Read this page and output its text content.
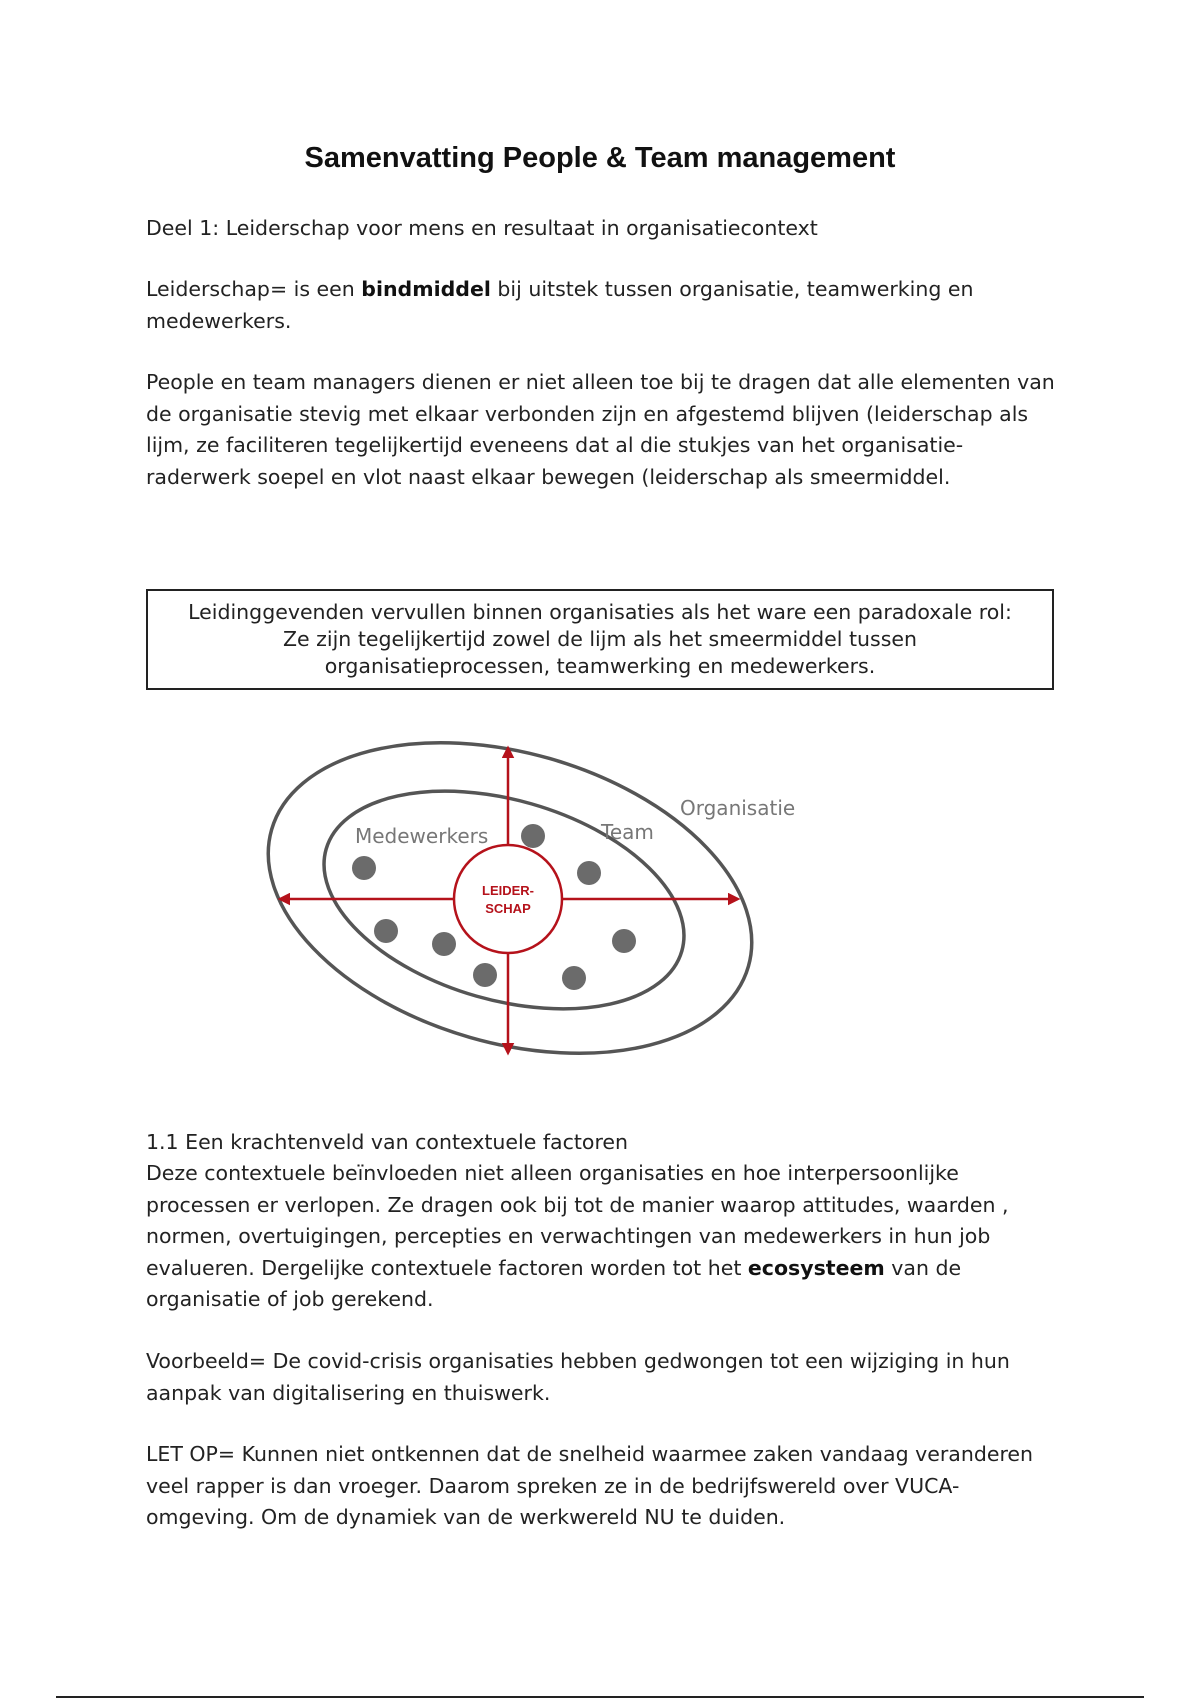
Samenvatting People & Team management
Deel 1: Leiderschap voor mens en resultaat in organisatiecontext
Leiderschap= is een bindmiddel bij uitstek tussen organisatie, teamwerking en medewerkers.
People en team managers dienen er niet alleen toe bij te dragen dat alle elementen van de organisatie stevig met elkaar verbonden zijn en afgestemd blijven (leiderschap als lijm, ze faciliteren tegelijkertijd eveneens dat al die stukjes van het organisatie-raderwerk soepel en vlot naast elkaar bewegen (leiderschap als smeermiddel.
Leidinggevenden vervullen binnen organisaties als het ware een paradoxale rol:
Ze zijn tegelijkertijd zowel de lijm als het smeermiddel tussen
organisatieprocessen, teamwerking en medewerkers.
LEIDER-
SCHAP
Medewerkers	Team
Organisatie
1.1 Een krachtenveld van contextuele factoren
Deze contextuele beïnvloeden niet alleen organisaties en hoe interpersoonlijke processen er verlopen. Ze dragen ook bij tot de manier waarop attitudes, waarden , normen, overtuigingen, percepties en verwachtingen van medewerkers in hun job evalueren. Dergelijke contextuele factoren worden tot het ecosysteem van de organisatie of job gerekend.
Voorbeeld= De covid-crisis organisaties hebben gedwongen tot een wijziging in hun aanpak van digitalisering en thuiswerk.
LET OP= Kunnen niet ontkennen dat de snelheid waarmee zaken vandaag veranderen veel rapper is dan vroeger. Daarom spreken ze in de bedrijfswereld over VUCA-omgeving. Om de dynamiek van de werkwereld NU te duiden.
